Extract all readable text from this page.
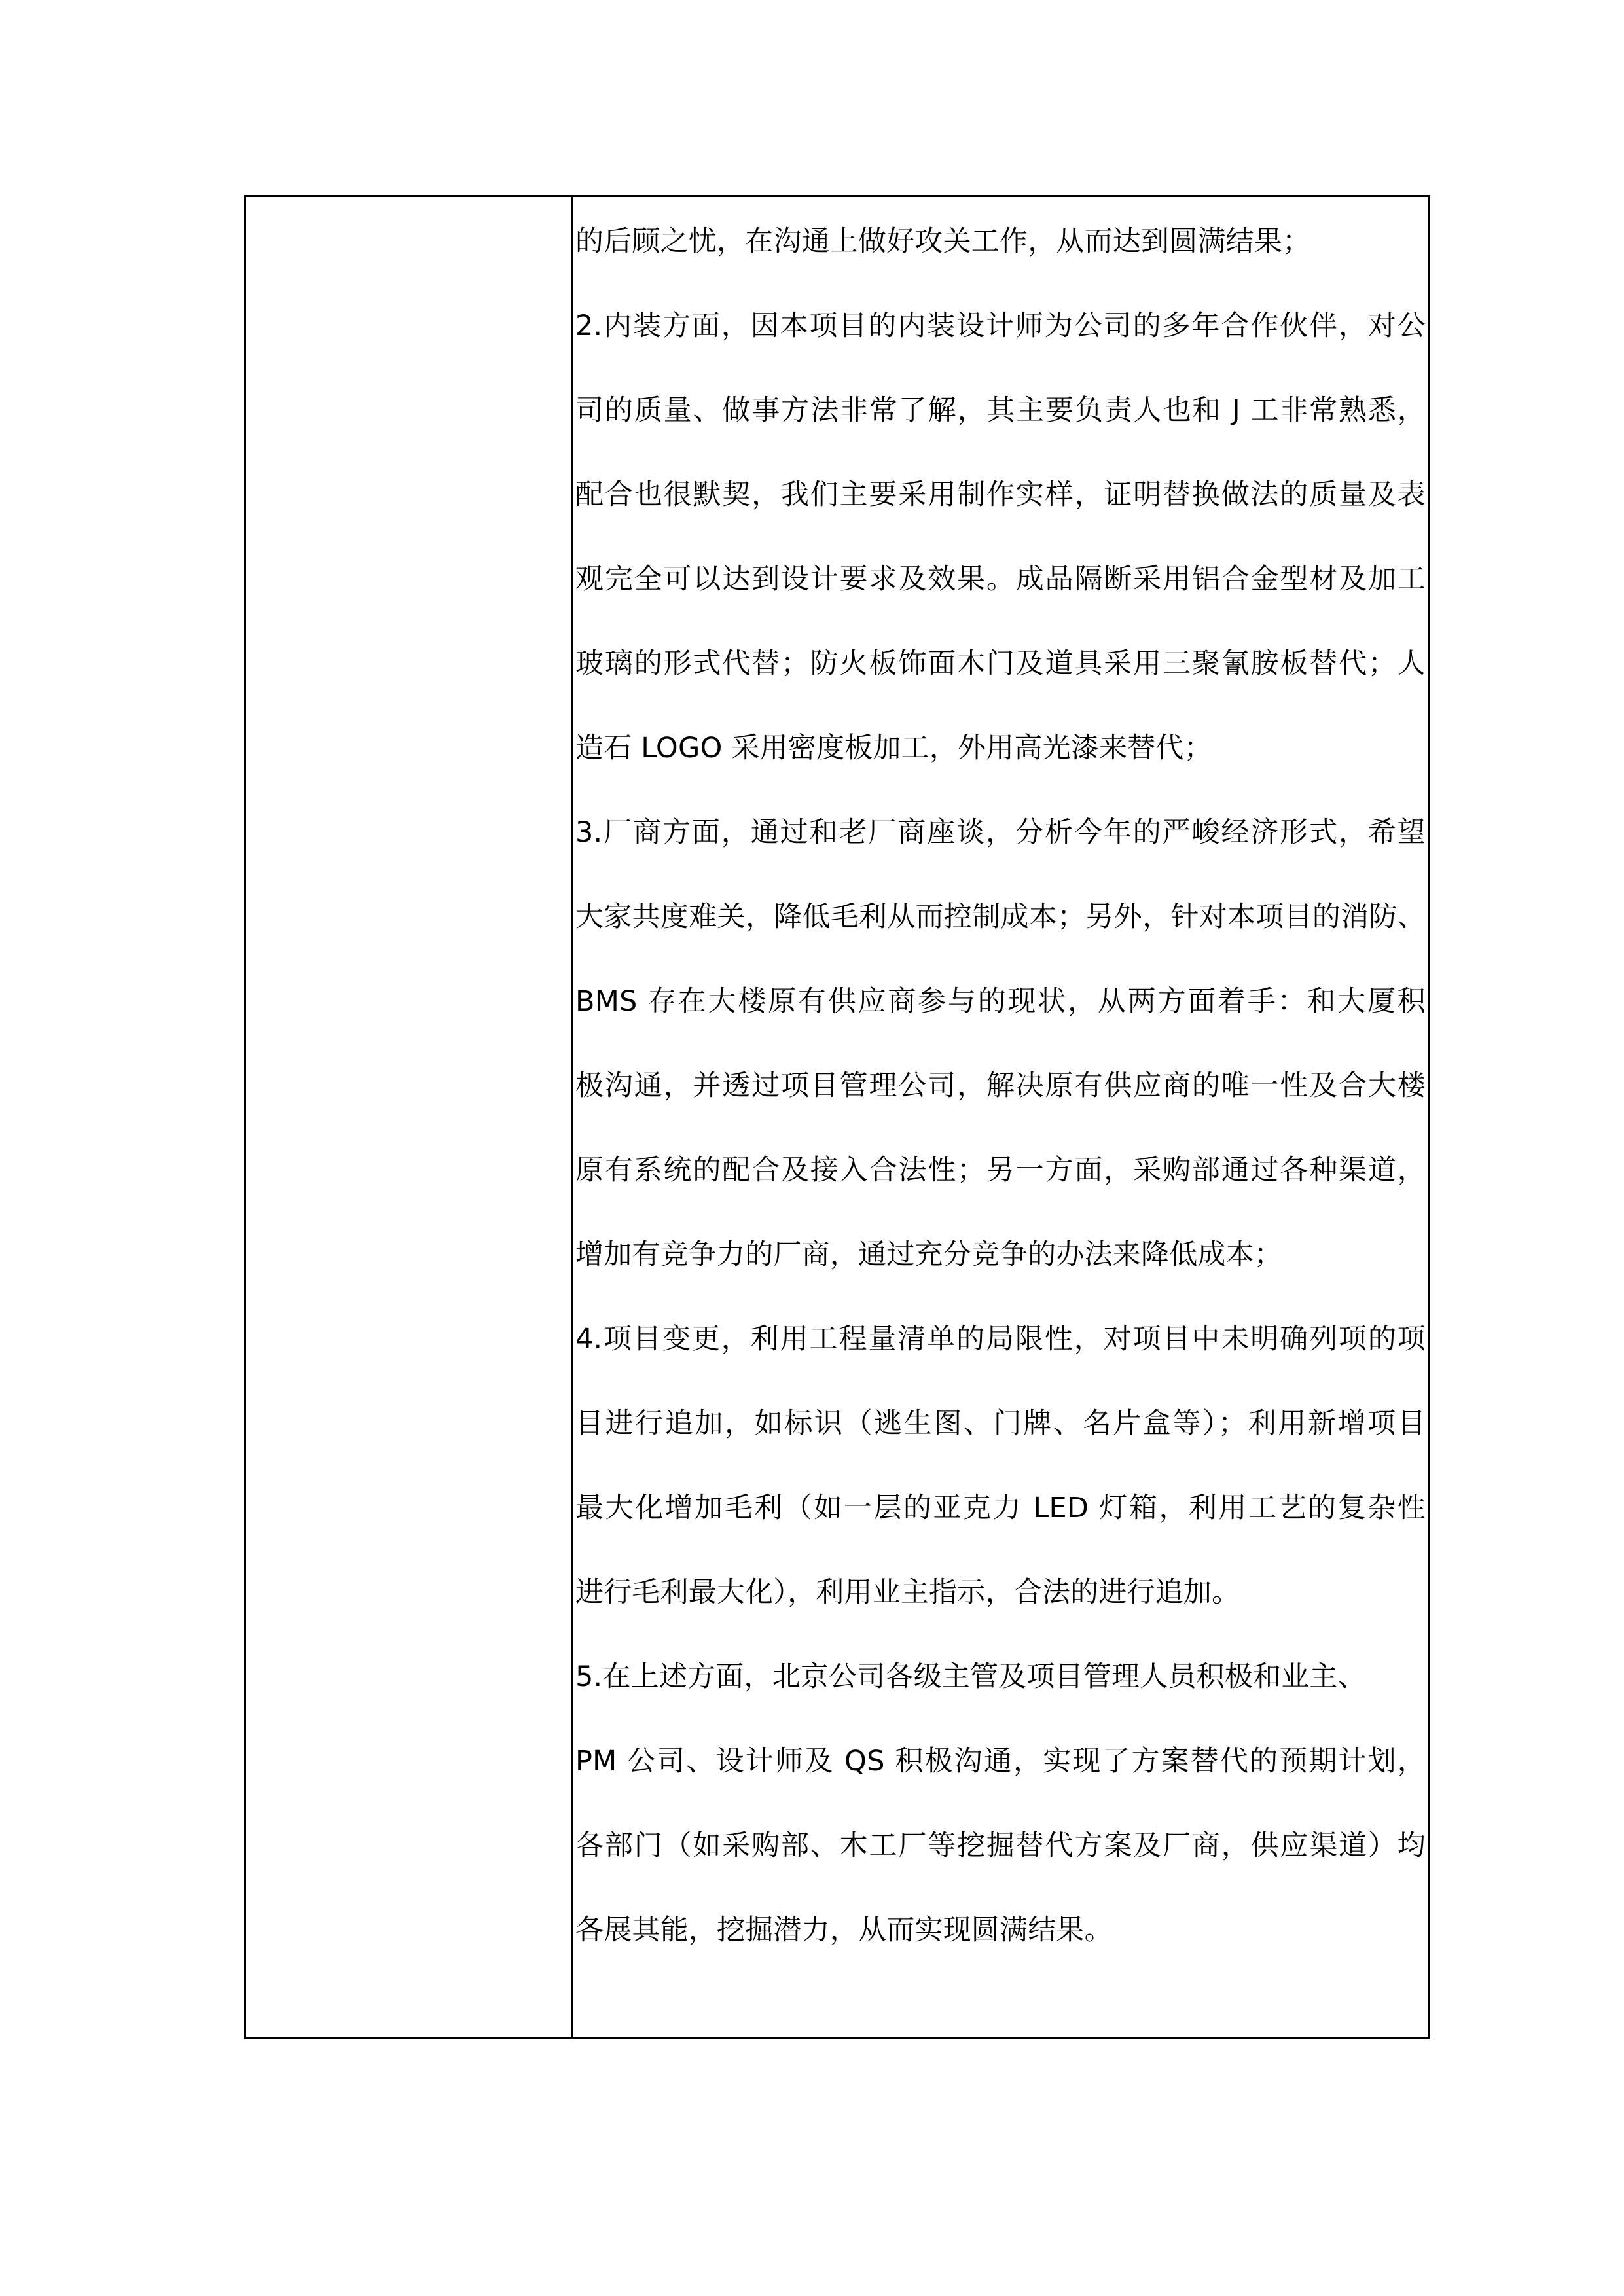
的后顾之忧，在沟通上做好攻关工作，从而达到圆满结果；
2.内装方面，因本项目的内装设计师为公司的多年合作伙伴，对公
司的质量、做事方法非常了解，其主要负责人也和 J 工非常熟悉，
配合也很默契，我们主要采用制作实样，证明替换做法的质量及表
观完全可以达到设计要求及效果。成品隔断采用铝合金型材及加工
玻璃的形式代替；防火板饰面木门及道具采用三聚氰胺板替代；人
造石 LOGO 采用密度板加工，外用高光漆来替代；
3.厂商方面，通过和老厂商座谈，分析今年的严峻经济形式，希望
大家共度难关，降低毛利从而控制成本；另外，针对本项目的消防、
BMS 存在大楼原有供应商参与的现状，从两方面着手：和大厦积
极沟通，并透过项目管理公司，解决原有供应商的唯一性及合大楼
原有系统的配合及接入合法性；另一方面，采购部通过各种渠道，
增加有竞争力的厂商，通过充分竞争的办法来降低成本；
4.项目变更，利用工程量清单的局限性，对项目中未明确列项的项
目进行追加，如标识（逃生图、门牌、名片盒等）；利用新增项目
最大化增加毛利（如一层的亚克力 LED 灯箱，利用工艺的复杂性
进行毛利最大化），利用业主指示，合法的进行追加。
5.在上述方面，北京公司各级主管及项目管理人员积极和业主、
PM 公司、设计师及 QS 积极沟通，实现了方案替代的预期计划，
各部门（如采购部、木工厂等挖掘替代方案及厂商，供应渠道）均
各展其能，挖掘潜力，从而实现圆满结果。
